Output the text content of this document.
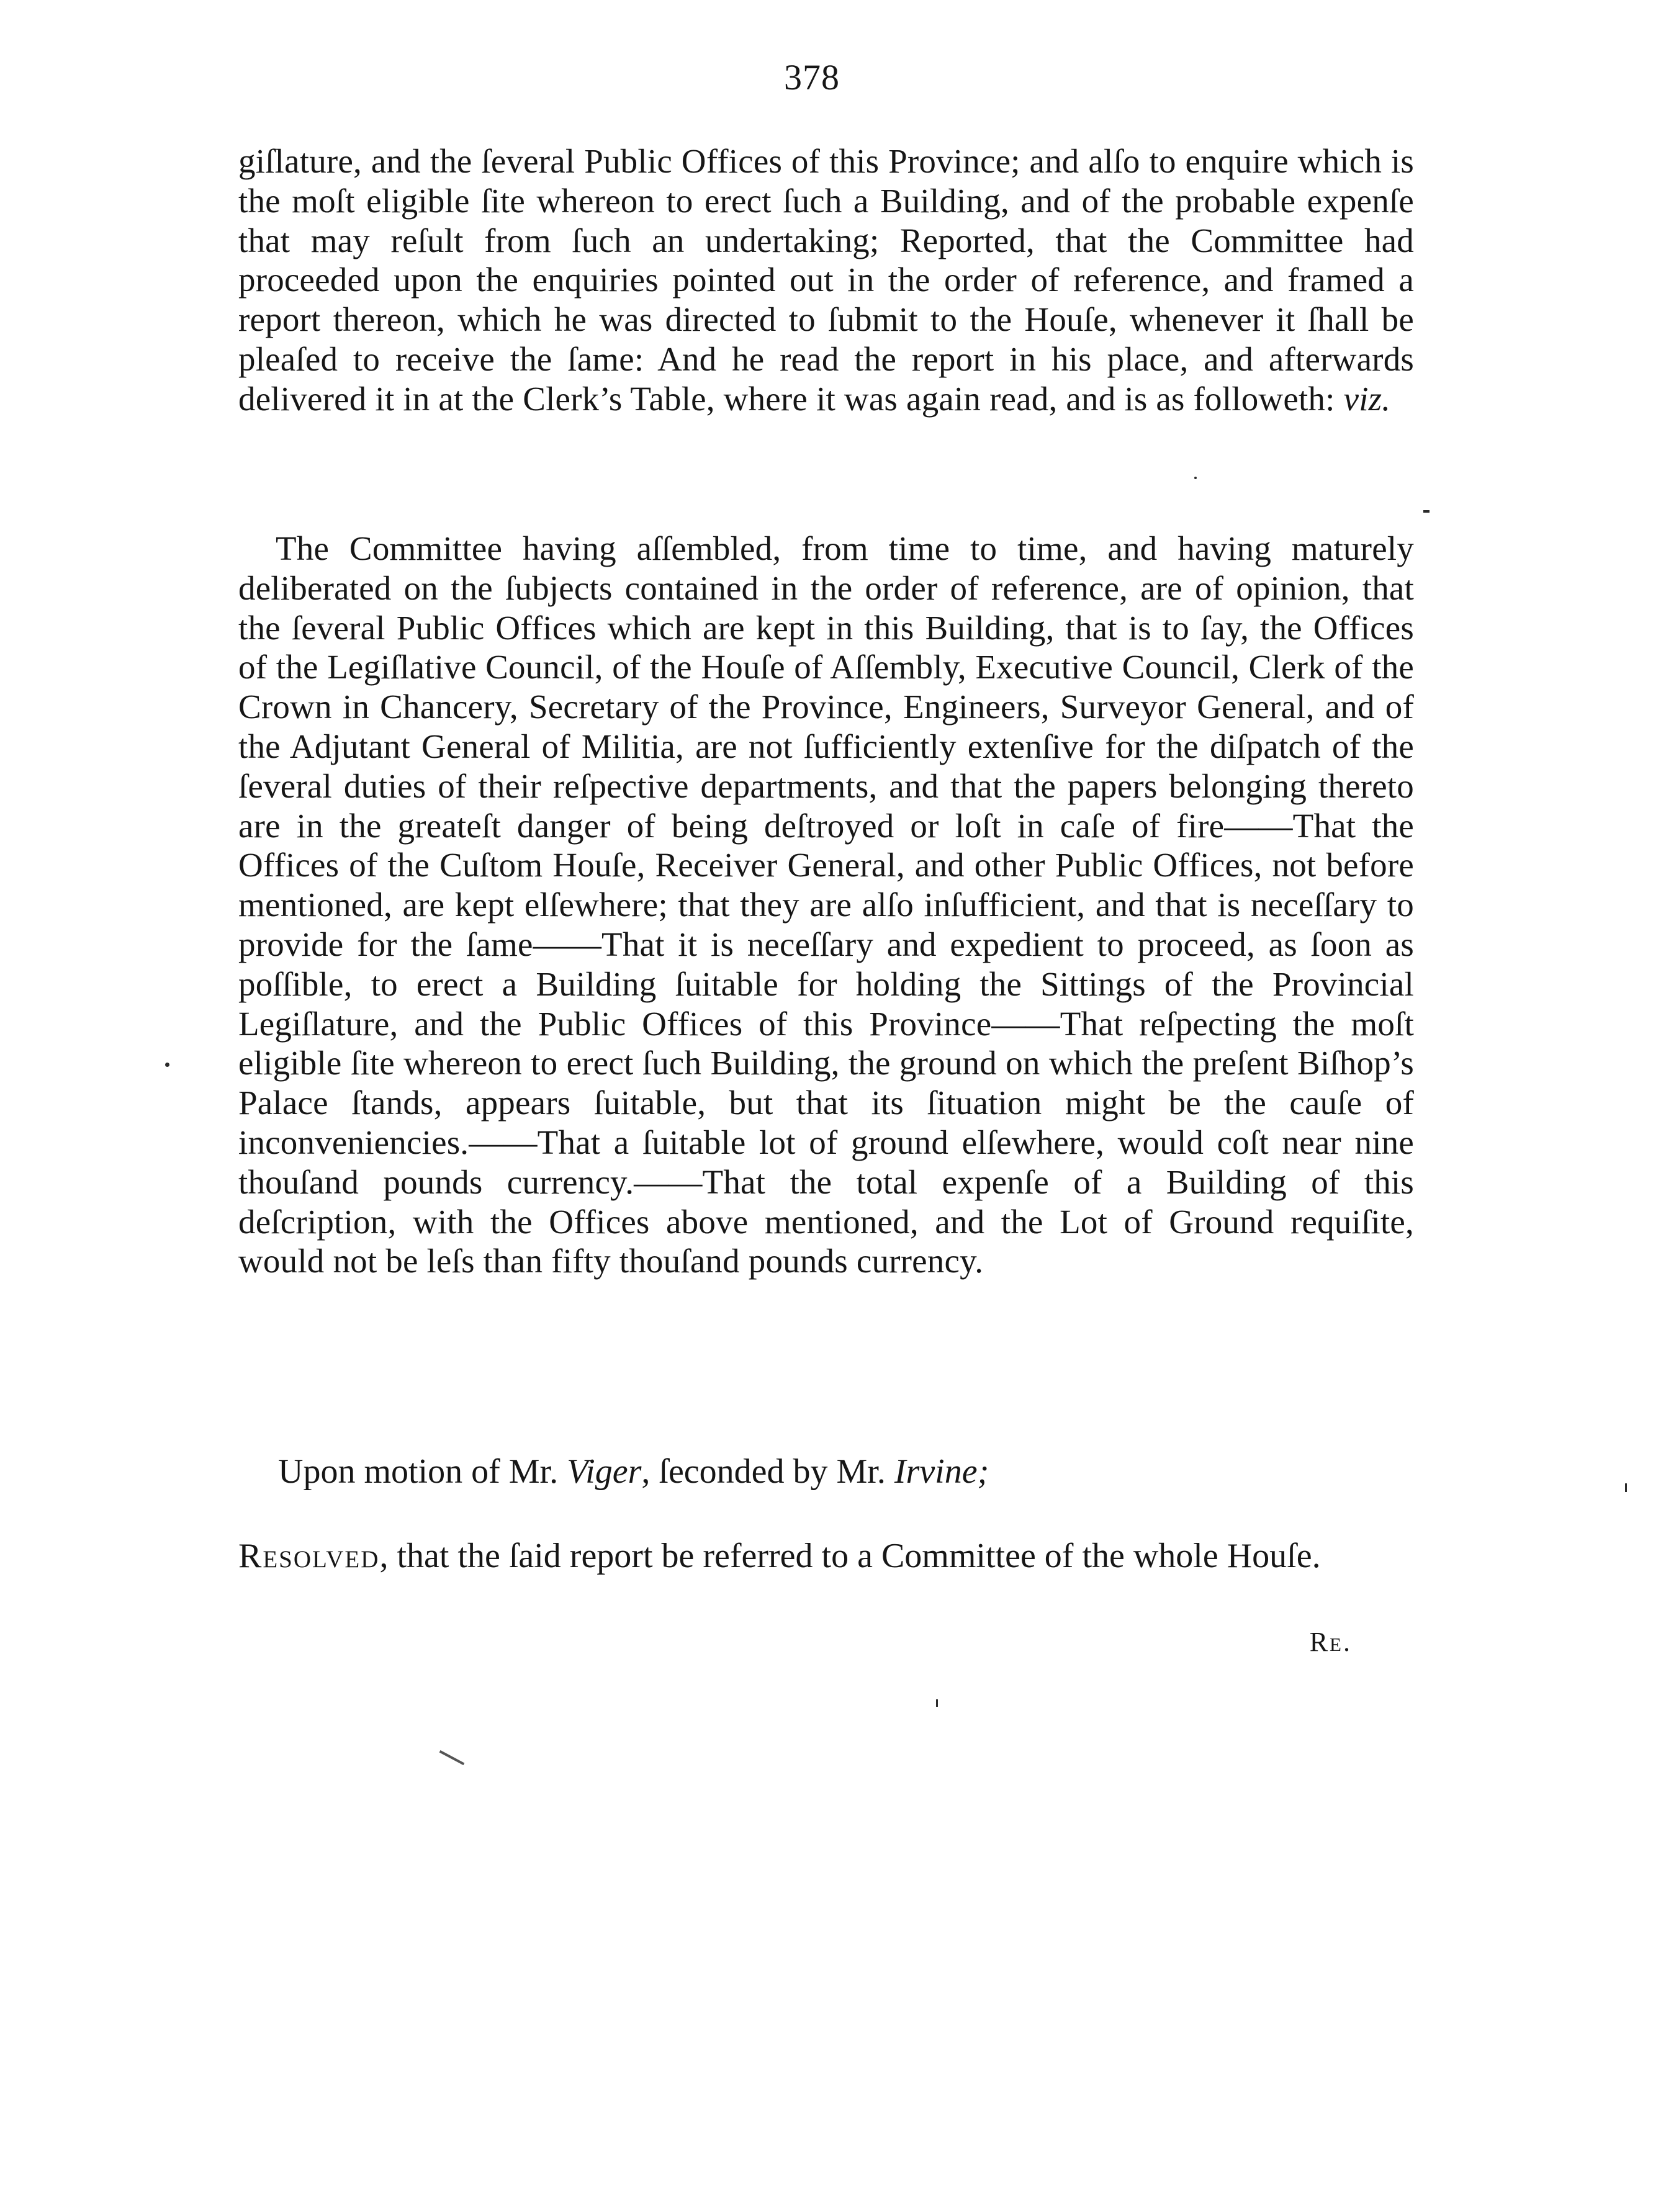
378

giſlature, and the ſeveral Public Offices of this Province; and alſo to enquire which is the moſt eligible ſite whereon to erect ſuch a Building, and of the probable expenſe that may reſult from ſuch an undertaking; Reported, that the Committee had proceeded upon the enquiries pointed out in the order of reference, and framed a report thereon, which he was directed to ſubmit to the Houſe, whenever it ſhall be pleaſed to receive the ſame: And he read the report in his place, and afterwards delivered it in at the Clerk’s Table, where it was again read, and is as followeth: viz.

The Committee having aſſembled, from time to time, and having maturely deliberated on the ſubjects contained in the order of reference, are of opinion, that the ſeveral Public Offices which are kept in this Building, that is to ſay, the Offices of the Legiſlative Council, of the Houſe of Aſſembly, Executive Council, Clerk of the Crown in Chancery, Secretary of the Province, Engineers, Surveyor General, and of the Adjutant General of Militia, are not ſufficiently extenſive for the diſpatch of the ſeveral duties of their reſpective departments, and that the papers belonging thereto are in the greateſt danger of being deſtroyed or loſt in caſe of fire——That the Offices of the Cuſtom Houſe, Receiver General, and other Public Offices, not before mentioned, are kept elſewhere; that they are alſo inſufficient, and that is neceſſary to provide for the ſame——That it is neceſſary and expedient to proceed, as ſoon as poſſible, to erect a Building ſuitable for holding the Sittings of the Provincial Legiſlature, and the Public Offices of this Province——That reſpecting the moſt eligible ſite whereon to erect ſuch Building, the ground on which the preſent Biſhop’s Palace ſtands, appears ſuitable, but that its ſituation might be the cauſe of inconveniencies.——That a ſuitable lot of ground elſewhere, would coſt near nine thouſand pounds currency.——That the total expenſe of a Building of this deſcription, with the Offices above mentioned, and the Lot of Ground requiſite, would not be leſs than fifty thouſand pounds currency.

Upon motion of Mr. Viger, ſeconded by Mr. Irvine;

Resolved, that the ſaid report be referred to a Committee of the whole Houſe.

Re.
